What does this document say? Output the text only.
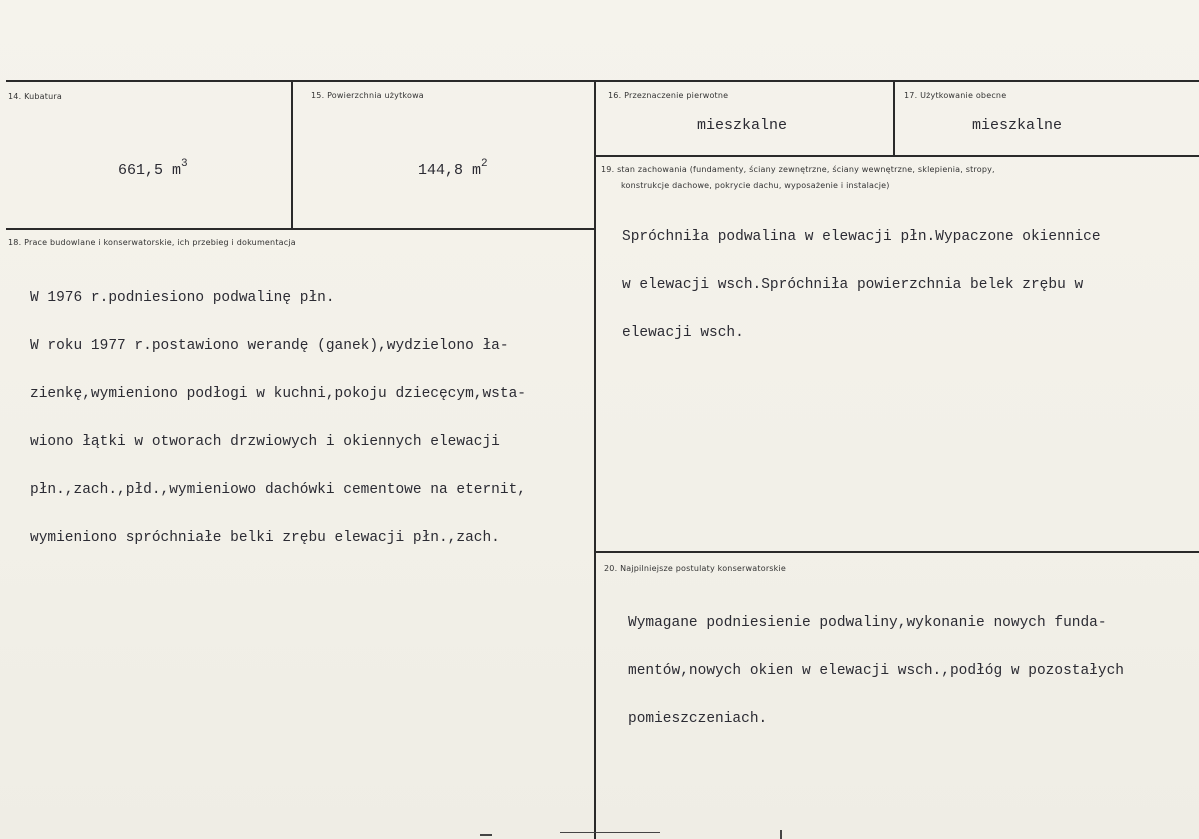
14. Kubatura
661,5 $m^3$
15. Powierzchnia użytkowa
144,8 $m^2$
16. Przeznaczenie pierwotne
mieszkalne
17. Użytkowanie obecne
mieszkalne
19. stan zachowania (fundamenty, ściany zewnętrzne, ściany wewnętrzne, sklepienia, stropy,
konstrukcje dachowe, pokrycie dachu, wyposażenie i instalacje)

Spróchniła podwalina w elewacji płn.Wypaczone okiennice

w elewacji wsch.Spróchniła powierzchnia belek zrębu w

elewacji wsch.

18. Prace budowlane i konserwatorskie, ich przebieg i dokumentacja

W 1976 r.podniesiono podwalinę płn.

W roku 1977 r.postawiono werandę (ganek),wydzielono ła-

zienkę,wymieniono podłogi w kuchni,pokoju dziecęcym,wsta-

wiono łątki w otworach drzwiowych i okiennych elewacji

płn.,zach.,płd.,wymieniowo dachówki cementowe na eternit,

wymieniono spróchniałe belki zrębu elewacji płn.,zach.

20. Najpilniejsze postulaty konserwatorskie

Wymagane podniesienie podwaliny,wykonanie nowych funda-

mentów,nowych okien w elewacji wsch.,podłóg w pozostałych

pomieszczeniach.
